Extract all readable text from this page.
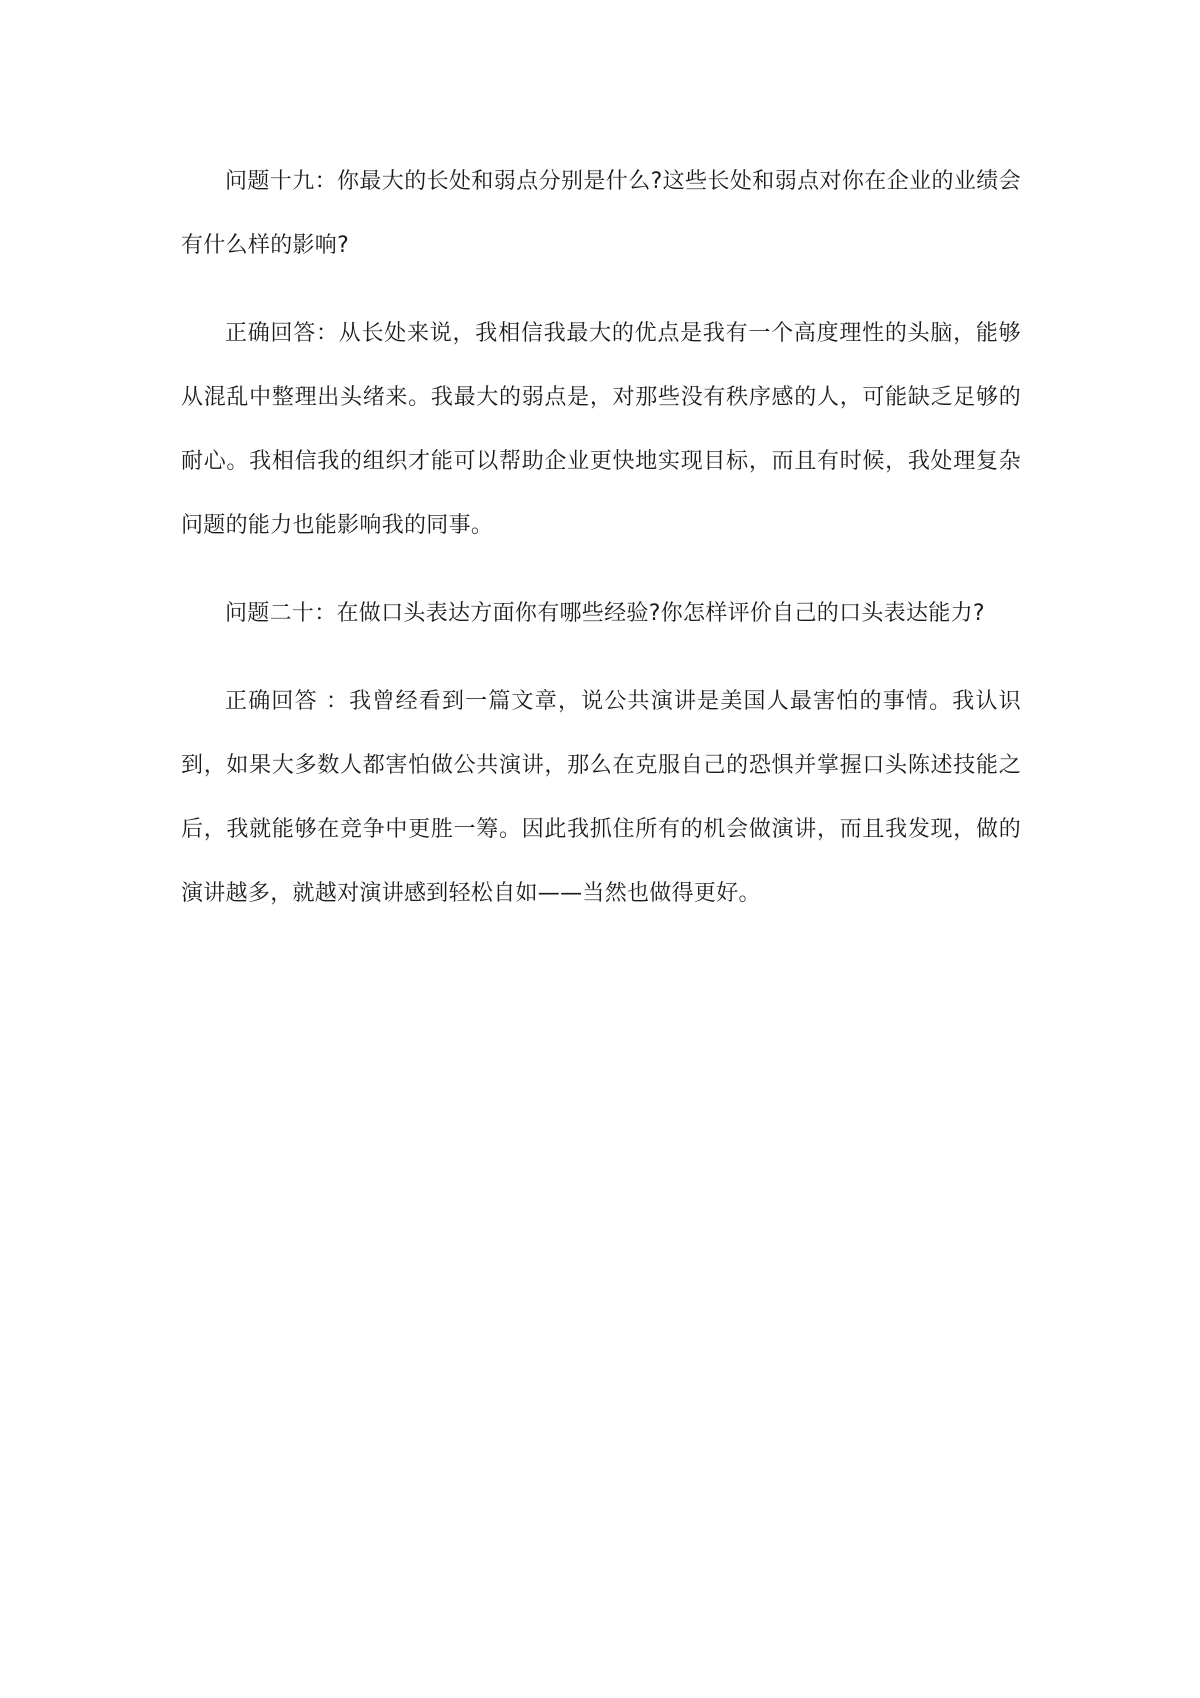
问题十九：你最大的长处和弱点分别是什么?这些长处和弱点对你在企业的业绩会有什么样的影响?

正确回答：从长处来说，我相信我最大的优点是我有一个高度理性的头脑，能够从混乱中整理出头绪来。我最大的弱点是，对那些没有秩序感的人，可能缺乏足够的耐心。我相信我的组织才能可以帮助企业更快地实现目标，而且有时候，我处理复杂问题的能力也能影响我的同事。

问题二十：在做口头表达方面你有哪些经验?你怎样评价自己的口头表达能力?

正确回答 ：我曾经看到一篇文章，说公共演讲是美国人最害怕的事情。我认识到，如果大多数人都害怕做公共演讲，那么在克服自己的恐惧并掌握口头陈述技能之后，我就能够在竞争中更胜一筹。因此我抓住所有的机会做演讲，而且我发现，做的演讲越多，就越对演讲感到轻松自如——当然也做得更好。
